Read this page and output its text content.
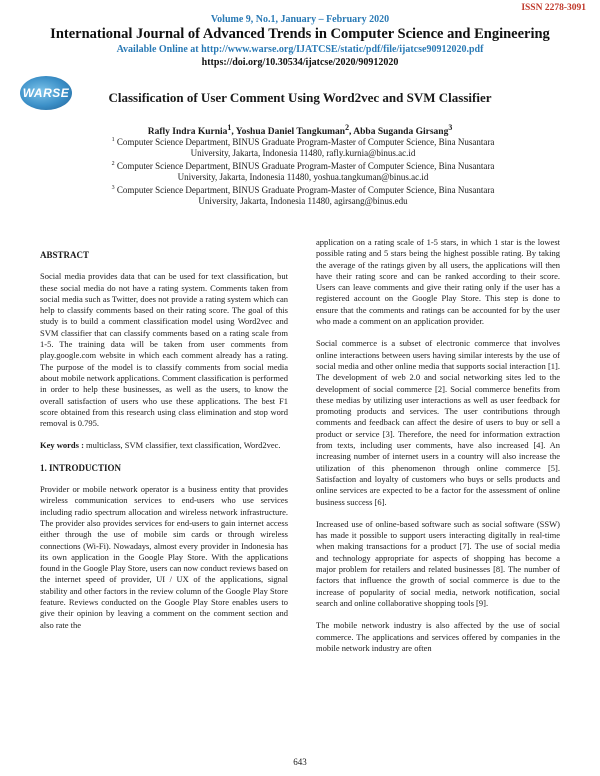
ISSN 2278-3091
Volume 9, No.1, January – February 2020
International Journal of Advanced Trends in Computer Science and Engineering
Available Online at http://www.warse.org/IJATCSE/static/pdf/file/ijatcse90912020.pdf
https://doi.org/10.30534/ijatcse/2020/90912020
WARSE	Classification of User Comment Using Word2vec and SVM Classifier
Rafly Indra Kurnia$^1$, Yoshua Daniel Tangkuman$^2$, Abba Suganda Girsang$^3$
$^1$ Computer Science Department, BINUS Graduate Program-Master of Computer Science, Bina Nusantara
University, Jakarta, Indonesia 11480, rafly.kurnia@binus.ac.id
$^2$ Computer Science Department, BINUS Graduate Program-Master of Computer Science, Bina Nusantara
University, Jakarta, Indonesia 11480, yoshua.tangkuman@binus.ac.id
$^3$ Computer Science Department, BINUS Graduate Program-Master of Computer Science, Bina Nusantara
University, Jakarta, Indonesia 11480, agirsang@binus.edu
ABSTRACT

Social media provides data that can be used for text classification, but these social media do not have a rating system. Comments taken from social media such as Twitter, does not provide a rating system which can help to classify comments based on their rating score. The goal of this study is to build a comment classification model using Word2vec and SVM classifier that can classify comments based on a rating scale from 1-5. The training data will be taken from user comments from play.google.com website in which each comment already has a rating. The purpose of the model is to classify comments from social media about mobile network applications. Comment classification is performed in order to help these businesses, as well as the users, to know the overall satisfaction of users who use these applications. The best F1 score obtained from this research using class elimination and stop word removal is 0.795.

Key words : multiclass, SVM classifier, text classification, Word2vec.

1. INTRODUCTION

Provider or mobile network operator is a business entity that provides wireless communication services to end-users who use services including radio spectrum allocation and wireless network infrastructure. The provider also provides services for end-users to gain internet access either through the use of mobile sim cards or through wireless connections (Wi-Fi). Nowadays, almost every provider in Indonesia has its own application in the Google Play Store. With the applications found in the Google Play Store, users can now conduct reviews based on the internet speed of provider, UI / UX of the applications, signal stability and other factors in the review column of the Google Play Store feature. Reviews conducted on the Google Play Store enables users to give their opinion by leaving a comment on the comment section and also rate the

application on a rating scale of 1-5 stars, in which 1 star is the lowest possible rating and 5 stars being the highest possible rating. By taking the average of the ratings given by all users, the applications will then have their rating score and can be ranked according to their score. Users can leave comments and give their rating only if the user has a registered account on the Google Play Store. This step is done to ensure that the comments and ratings can be accounted for by the user who made a comment on an application provider.

Social commerce is a subset of electronic commerce that involves online interactions between users having similar interests by the use of social media and other online media that supports social interaction [1]. The development of web 2.0 and social networking sites led to the development of social commerce [2]. Social commerce benefits from these medias by utilizing user interactions as well as user feedback for promoting products and services. The user contributions through comments and feedback can affect the desire of users to buy or sell a product or service [3]. Therefore, the need for information extraction from texts, including user comments, have also increased [4]. An increasing number of internet users in a country will also increase the utilization of this phenomenon through online commerce [5]. Satisfaction and loyalty of customers who buys or sells products and online services are expected to be a factor for the assessment of online business success [6].

Increased use of online-based software such as social software (SSW) has made it possible to support users interacting digitally in real-time when making transactions for a product [7]. The use of social media and technology appropriate for aspects of shopping has become a major problem for retailers and related businesses [8]. The number of factors that influence the growth of social commerce is due to the increase of popularity of social media, network notification, social search and online collaborative shopping tools [9].

The mobile network industry is also affected by the use of social commerce. The applications and services offered by companies in the mobile network industry are often

643
